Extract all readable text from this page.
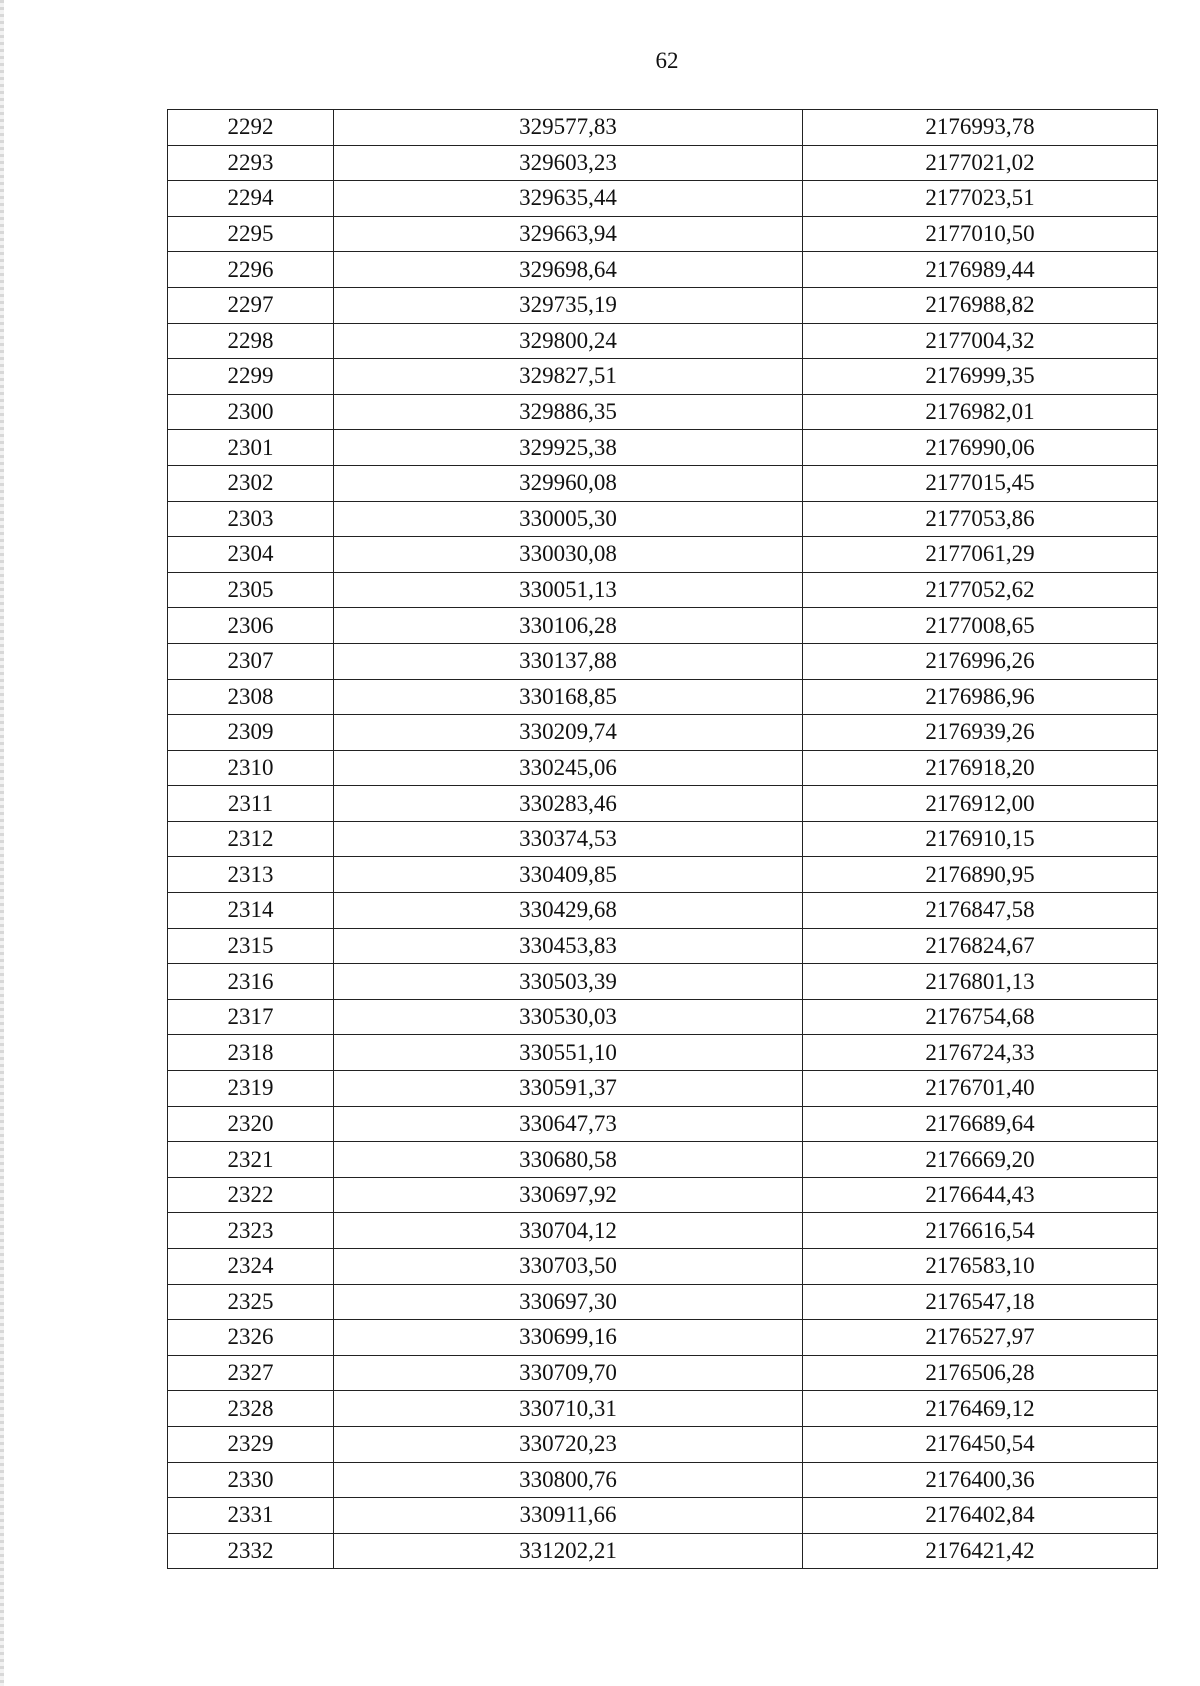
62
2292	329577,83	2176993,78
2293	329603,23	2177021,02
2294	329635,44	2177023,51
2295	329663,94	2177010,50
2296	329698,64	2176989,44
2297	329735,19	2176988,82
2298	329800,24	2177004,32
2299	329827,51	2176999,35
2300	329886,35	2176982,01
2301	329925,38	2176990,06
2302	329960,08	2177015,45
2303	330005,30	2177053,86
2304	330030,08	2177061,29
2305	330051,13	2177052,62
2306	330106,28	2177008,65
2307	330137,88	2176996,26
2308	330168,85	2176986,96
2309	330209,74	2176939,26
2310	330245,06	2176918,20
2311	330283,46	2176912,00
2312	330374,53	2176910,15
2313	330409,85	2176890,95
2314	330429,68	2176847,58
2315	330453,83	2176824,67
2316	330503,39	2176801,13
2317	330530,03	2176754,68
2318	330551,10	2176724,33
2319	330591,37	2176701,40
2320	330647,73	2176689,64
2321	330680,58	2176669,20
2322	330697,92	2176644,43
2323	330704,12	2176616,54
2324	330703,50	2176583,10
2325	330697,30	2176547,18
2326	330699,16	2176527,97
2327	330709,70	2176506,28
2328	330710,31	2176469,12
2329	330720,23	2176450,54
2330	330800,76	2176400,36
2331	330911,66	2176402,84
2332	331202,21	2176421,42
